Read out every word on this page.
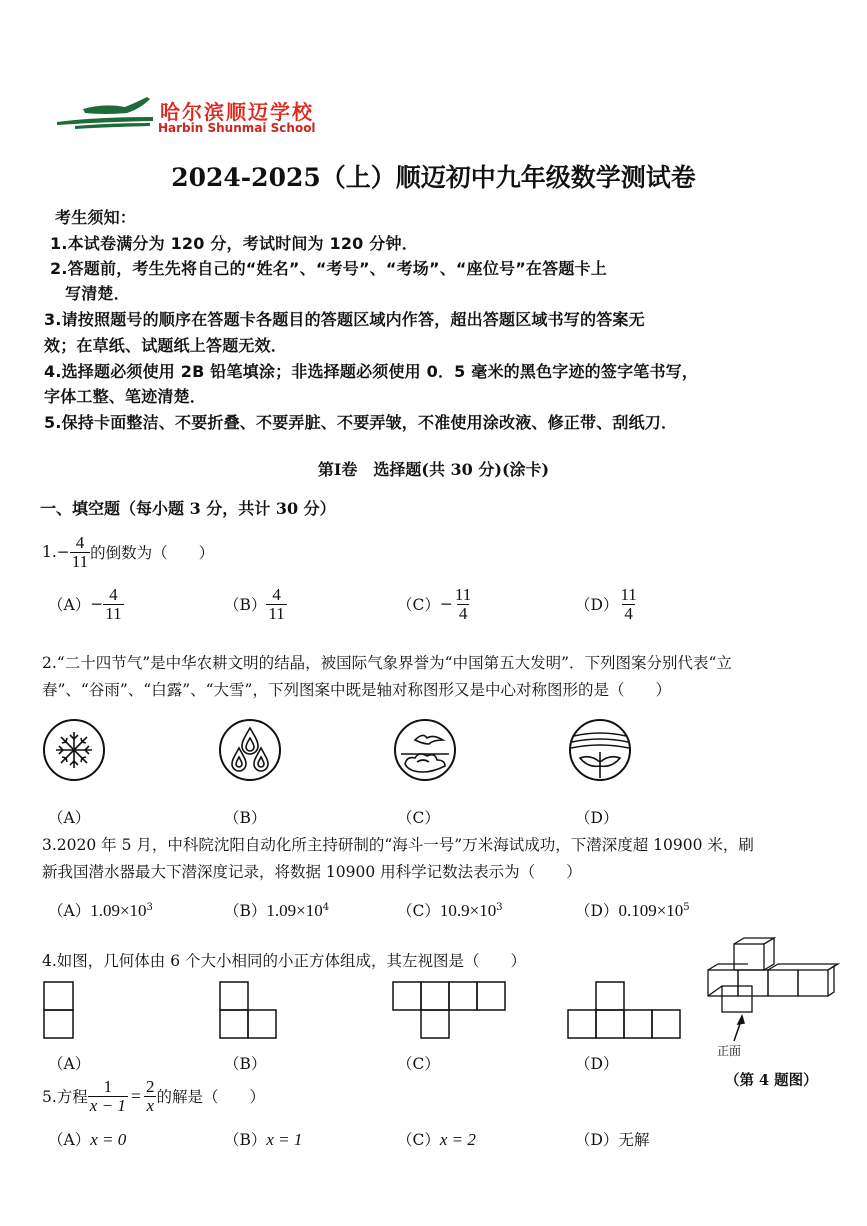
哈尔滨顺迈学校
Harbin Shunmai School
2024-2025（上）顺迈初中九年级数学测试卷
考生须知：
1.本试卷满分为 120 分，考试时间为 120 分钟．
2.答题前，考生先将自己的“姓名”、“考号”、“考场”、“座位号”在答题卡上
写清楚．
3.请按照题号的顺序在答题卡各题目的答题区域内作答，超出答题区域书写的答案无
效；在草纸、试题纸上答题无效．
4.选择题必须使用 2B 铅笔填涂；非选择题必须使用 0．5 毫米的黑色字迹的签字笔书写，
字体工整、笔迹清楚．
5.保持卡面整洁、不要折叠、不要弄脏、不要弄皱，不准使用涂改液、修正带、刮纸刀．
第Ⅰ卷　选择题(共 30 分)(涂卡)
一、填空题（每小题 3 分，共计 30 分）
1. − $\frac{4}{11}$ 的倒数为（　　）
$(A) - \frac{4}{11}$	$(B) \frac{4}{11}$	$(C) - \frac{11}{4}$	$(D) \frac{11}{4}$
2.“二十四节气”是中华农耕文明的结晶，被国际气象界誉为“中国第五大发明”．下列图案分别代表“立
春”、“谷雨”、“白露”、“大雪”，下列图案中既是轴对称图形又是中心对称图形的是（　　）
（A）	（B）	（C）	（D）
3.2020 年 5 月，中科院沈阳自动化所主持研制的“海斗一号”万米海试成功，下潜深度超 10900 米，刷
新我国潜水器最大下潜深度记录，将数据 10900 用科学记数法表示为（　　）
$(A)1.09\times 10^3$	$(B)1.09\times 10^4$	$(C)10.9\times 10^3$	$(D)0.109\times 10^5$
4.如图，几何体由 6 个大小相同的小正方体组成，其左视图是（　　）
正面
（A）	（B）	（C）	（D）
（第 4 题图）
5.方程 $\frac{1}{x - 1} = \frac{2}{x}$ 的解是（　　）
（A）x = 0	（B）x = 1	（C）x = 2	（D）无解
